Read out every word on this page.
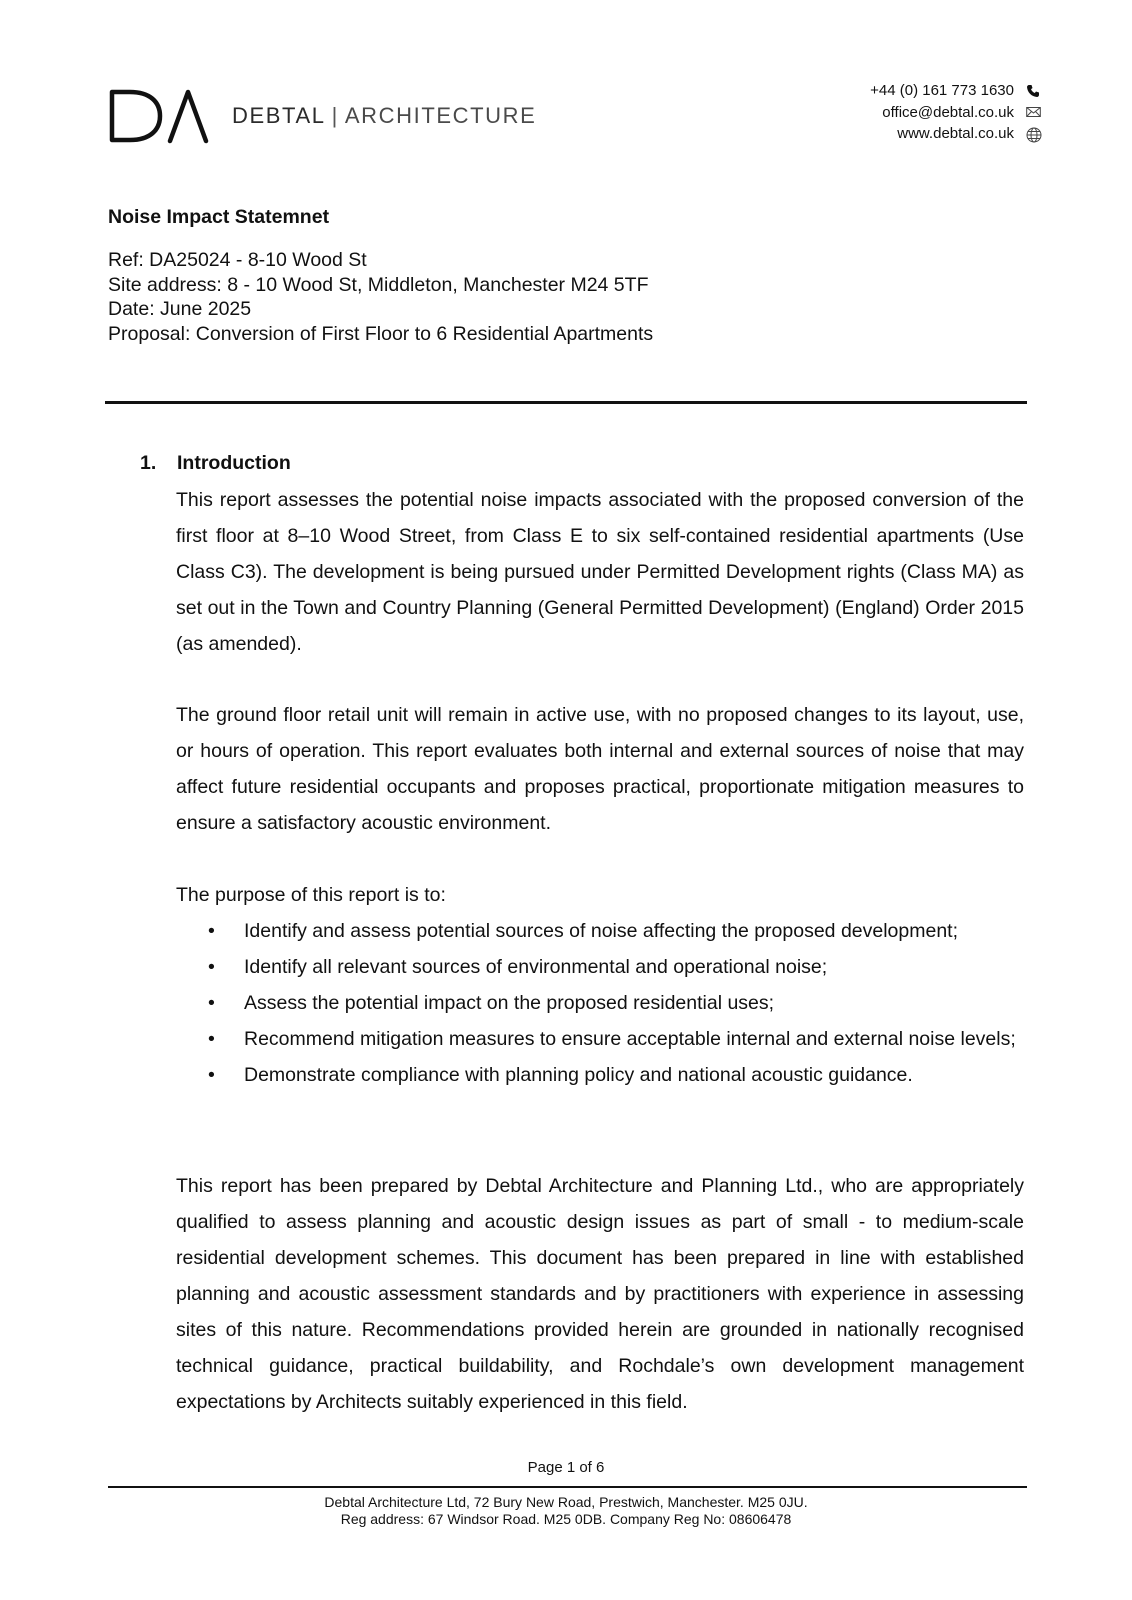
DEBTAL | ARCHITECTURE
+44 (0) 161 773 1630
office@debtal.co.uk
www.debtal.co.uk
Noise Impact Statemnet
Ref: DA25024 - 8-10 Wood St
Site address: 8 - 10 Wood St, Middleton, Manchester M24 5TF
Date: June 2025
Proposal: Conversion of First Floor to 6 Residential Apartments
1. Introduction
This report assesses the potential noise impacts associated with the proposed conversion of the first floor at 8–10 Wood Street, from Class E to six self-contained residential apartments (Use Class C3). The development is being pursued under Permitted Development rights (Class MA) as set out in the Town and Country Planning (General Permitted Development) (England) Order 2015 (as amended).
The ground floor retail unit will remain in active use, with no proposed changes to its layout, use, or hours of operation. This report evaluates both internal and external sources of noise that may affect future residential occupants and proposes practical, proportionate mitigation measures to ensure a satisfactory acoustic environment.
The purpose of this report is to:
• Identify and assess potential sources of noise affecting the proposed development;
• Identify all relevant sources of environmental and operational noise;
• Assess the potential impact on the proposed residential uses;
• Recommend mitigation measures to ensure acceptable internal and external noise levels;
• Demonstrate compliance with planning policy and national acoustic guidance.
This report has been prepared by Debtal Architecture and Planning Ltd., who are appropriately qualified to assess planning and acoustic design issues as part of small - to medium-scale residential development schemes. This document has been prepared in line with established planning and acoustic assessment standards and by practitioners with experience in assessing sites of this nature. Recommendations provided herein are grounded in nationally recognised technical guidance, practical buildability, and Rochdale’s own development management expectations by Architects suitably experienced in this field.
Page 1 of 6
Debtal Architecture Ltd, 72 Bury New Road, Prestwich, Manchester. M25 0JU.
Reg address: 67 Windsor Road. M25 0DB. Company Reg No: 08606478
